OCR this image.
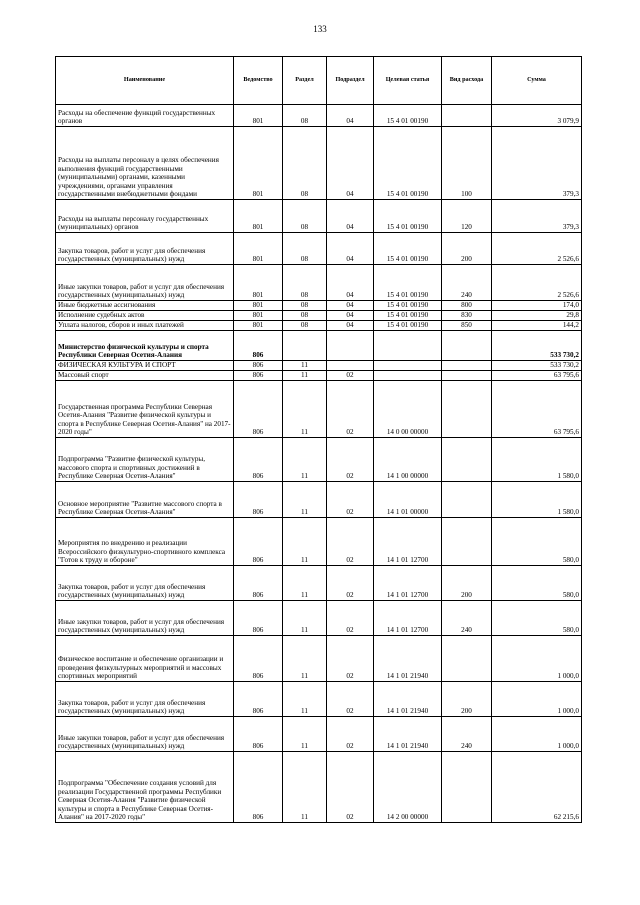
133
Наименование	Ведомство	Раздел	Подраздел	Целевая статья	Вид расхода	Сумма
Расходы на обеспечение функций государственных органов	801	08	04	15 4 01 00190		3 079,9
Расходы на выплаты персоналу в целях обеспечения выполнения функций государственными (муниципальными) органами, казенными учреждениями, органами управления государственными внебюджетными фондами	801	08	04	15 4 01 00190	100	379,3
Расходы на выплаты персоналу государственных (муниципальных) органов	801	08	04	15 4 01 00190	120	379,3
Закупка товаров, работ и услуг для обеспечения государственных (муниципальных) нужд	801	08	04	15 4 01 00190	200	2 526,6
Иные закупки товаров, работ и услуг для обеспечения государственных (муниципальных) нужд	801	08	04	15 4 01 00190	240	2 526,6
Иные бюджетные ассигнования	801	08	04	15 4 01 00190	800	174,0
Исполнение судебных актов	801	08	04	15 4 01 00190	830	29,8
Уплата налогов, сборов и иных платежей	801	08	04	15 4 01 00190	850	144,2
Министерство физической культуры и спорта Республики Северная Осетия-Алания	806					533 730,2
ФИЗИЧЕСКАЯ КУЛЬТУРА И СПОРТ	806	11				533 730,2
Массовый спорт	806	11	02			63 795,6
Государственная программа Республики Северная Осетия-Алания "Развитие физической культуры и спорта в Республике Северная Осетия-Алания" на 2017-2020 годы"	806	11	02	14 0 00 00000		63 795,6
Подпрограмма "Развитие физической культуры, массового спорта и спортивных достижений в Республике Северная Осетия-Алания"	806	11	02	14 1 00 00000		1 580,0
Основное мероприятие "Развитие массового спорта в Республике Северная Осетия-Алания"	806	11	02	14 1 01 00000		1 580,0
Мероприятия по внедрению и реализации Всероссийского физкультурно-спортивного комплекса "Готов к труду и обороне"	806	11	02	14 1 01 12700		580,0
Закупка товаров, работ и услуг для обеспечения государственных (муниципальных) нужд	806	11	02	14 1 01 12700	200	580,0
Иные закупки товаров, работ и услуг для обеспечения государственных (муниципальных) нужд	806	11	02	14 1 01 12700	240	580,0
Физическое воспитание и обеспечение организации и проведения физкультурных мероприятий и массовых спортивных мероприятий	806	11	02	14 1 01 21940		1 000,0
Закупка товаров, работ и услуг для обеспечения государственных (муниципальных) нужд	806	11	02	14 1 01 21940	200	1 000,0
Иные закупки товаров, работ и услуг для обеспечения государственных (муниципальных) нужд	806	11	02	14 1 01 21940	240	1 000,0
Подпрограмма "Обеспечение создания условий для реализации Государственной программы Республики Северная Осетия-Алания "Развитие физической культуры и спорта в Республике Северная Осетия-Алания" на 2017-2020 годы"	806	11	02	14 2 00 00000		62 215,6
